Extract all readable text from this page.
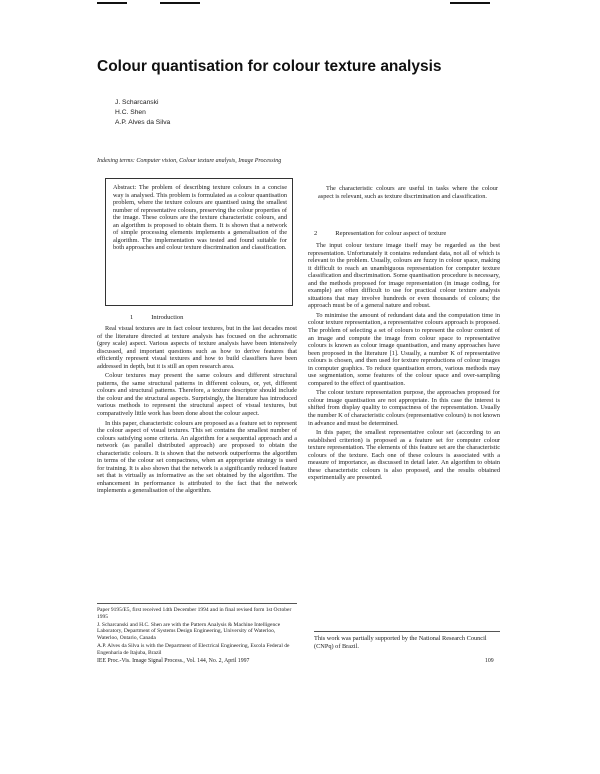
Colour quantisation for colour texture analysis
J. Scharcanski
H.C. Shen
A.P. Alves da Silva
Indexing terms: Computer vision, Colour texture analysis, Image Processing

Abstract: The problem of describing texture colours in a concise way is analysed. This problem is formulated as a colour quantisation problem, where the texture colours are quantised using the smallest number of representative colours, preserving the colour properties of the image. These colours are the texture characteristic colours, and an algorithm is proposed to obtain them. It is shown that a network of simple processing elements implements a generalisation of the algorithm. The implementation was tested and found suitable for both approaches and colour texture discrimination and classification.

1	Introduction

Real visual textures are in fact colour textures, but in the last decades most of the literature directed at texture analysis has focused on the achromatic (grey scale) aspect. Various aspects of texture analysis have been intensively discussed, and important questions such as how to derive features that efficiently represent visual textures and how to build classifiers have been addressed in depth, but it is still an open research area.

Colour textures may present the same colours and different structural patterns, the same structural patterns in different colours, or, yet, different colours and structural patterns. Therefore, a texture descriptor should include the colour and the structural aspects. Surprisingly, the literature has introduced various methods to represent the structural aspect of visual textures, but comparatively little work has been done about the colour aspect.

In this paper, characteristic colours are proposed as a feature set to represent the colour aspect of visual textures. This set contains the smallest number of colours satisfying some criteria. An algorithm for a sequential approach and a network (as parallel distributed approach) are proposed to obtain the characteristic colours. It is shown that the network outperforms the algorithm in terms of the colour set compactness, when an appropriate strategy is used for training. It is also shown that the network is a significantly reduced feature set that is virtually as informative as the set obtained by the algorithm. The enhancement in performance is attributed to the fact that the network implements a generalisation of the algorithm.

The characteristic colours are useful in tasks where the colour aspect is relevant, such as texture discrimination and classification.

2	Representation for colour aspect of texture

The input colour texture image itself may be regarded as the best representation. Unfortunately it contains redundant data, not all of which is relevant to the problem. Usually, colours are fuzzy in colour space, making it difficult to reach an unambiguous representation for computer texture classification and discrimination. Some quantisation procedure is necessary, and the methods proposed for image representation (in image coding, for example) are often difficult to use for practical colour texture analysis situations that may involve hundreds or even thousands of colours; the approach must be of a general nature and robust.

To minimise the amount of redundant data and the computation time in colour texture representation, a representative colours approach is proposed. The problem of selecting a set of colours to represent the colour content of an image and compute the image from colour space to representative colours is known as colour image quantisation, and many approaches have been proposed in the literature [1]. Usually, a number K of representative colours is chosen, and then used for texture reproductions of colour images in computer graphics. To reduce quantisation errors, various methods may use segmentation, some features of the colour space and over-sampling compared to the effect of quantisation.

The colour texture representation purpose, the approaches proposed for colour image quantisation are not appropriate. In this case the interest is shifted from display quality to compactness of the representation. Usually the number K of characteristic colours (representative colours) is not known in advance and must be determined.

In this paper, the smallest representative colour set (according to an established criterion) is proposed as a feature set for computer colour texture representation. The elements of this feature set are the characteristic colours of the texture. Each one of these colours is associated with a measure of importance, as discussed in detail later. An algorithm to obtain these characteristic colours is also proposed, and the results obtained experimentally are presented.

Paper 9195/E5, first received 14th December 1994 and in final revised form 1st October 1995
J. Scharcanski and H.C. Shen are with the Pattern Analysis & Machine Intelligence Laboratory, Department of Systems Design Engineering, University of Waterloo, Waterloo, Ontario, Canada
A.P. Alves da Silva is with the Department of Electrical Engineering, Escola Federal de Engenharia de Itajuba, Brazil
This work was partially supported by the National Research Council (CNPq) of Brazil.
IEE Proc.-Vis. Image Signal Process., Vol. 144, No. 2, April 1997	109
